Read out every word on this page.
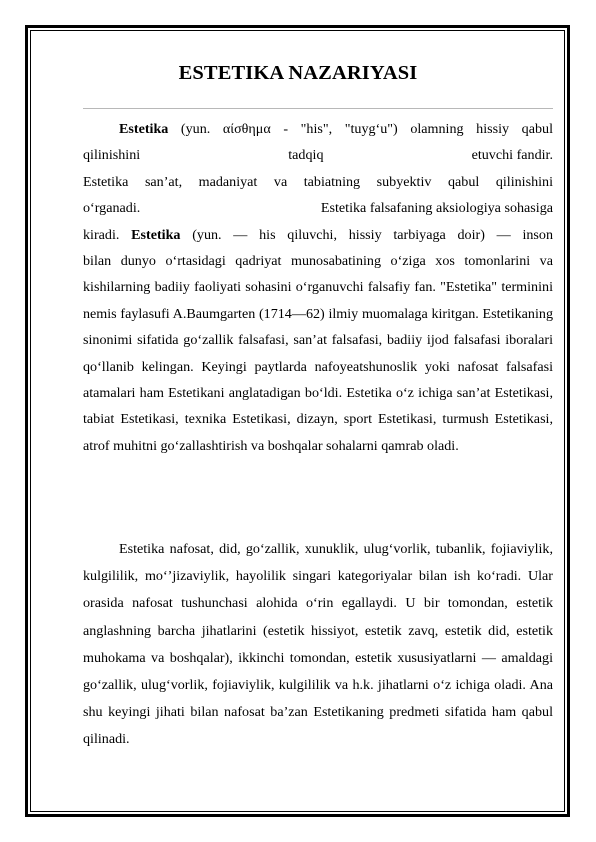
ESTETIKA NAZARIYASI
Estetika (yun. αίσθημα - "his", "tuyg‘u") olamning hissiy qabul
qilinishini	tadqiq	etuvchi fandir.
Estetika san’at, madaniyat va tabiatning subyektiv qabul qilinishini
o‘rganadi.	Estetika falsafaning aksiologiya sohasiga
kiradi. Estetika (yun. — his qiluvchi, hissiy tarbiyaga doir) — inson
bilan dunyo o‘rtasidagi qadriyat munosabatining o‘ziga xos tomonlarini va kishilarning badiiy faoliyati sohasini o‘rganuvchi falsafiy fan. "Estetika" terminini nemis faylasufi A.Baumgarten (1714—62) ilmiy muomalaga kiritgan. Estetikaning sinonimi sifatida go‘zallik falsafasi, san’at falsafasi, badiiy ijod falsafasi iboralari qo‘llanib kelingan. Keyingi paytlarda nafoyeatshunoslik yoki nafosat falsafasi atamalari ham Estetikani anglatadigan bo‘ldi. Estetika o‘z ichiga san’at Estetikasi, tabiat Estetikasi, texnika Estetikasi, dizayn, sport Estetikasi, turmush Estetikasi, atrof muhitni go‘zallashtirish va boshqalar sohalarni qamrab oladi.

Estetika nafosat, did, go‘zallik, xunuklik, ulug‘vorlik, tubanlik, fojiaviylik, kulgililik, mo‘’jizaviylik, hayolilik singari kategoriyalar bilan ish ko‘radi. Ular orasida nafosat tushunchasi alohida o‘rin egallaydi. U bir tomondan, estetik anglashning barcha jihatlarini (estetik hissiyot, estetik zavq, estetik did, estetik muhokama va boshqalar), ikkinchi tomondan, estetik xususiyatlarni — amaldagi go‘zallik, ulug‘vorlik, fojiaviylik, kulgililik va h.k. jihatlarni o‘z ichiga oladi. Ana shu keyingi jihati bilan nafosat ba’zan Estetikaning predmeti sifatida ham qabul qilinadi.
